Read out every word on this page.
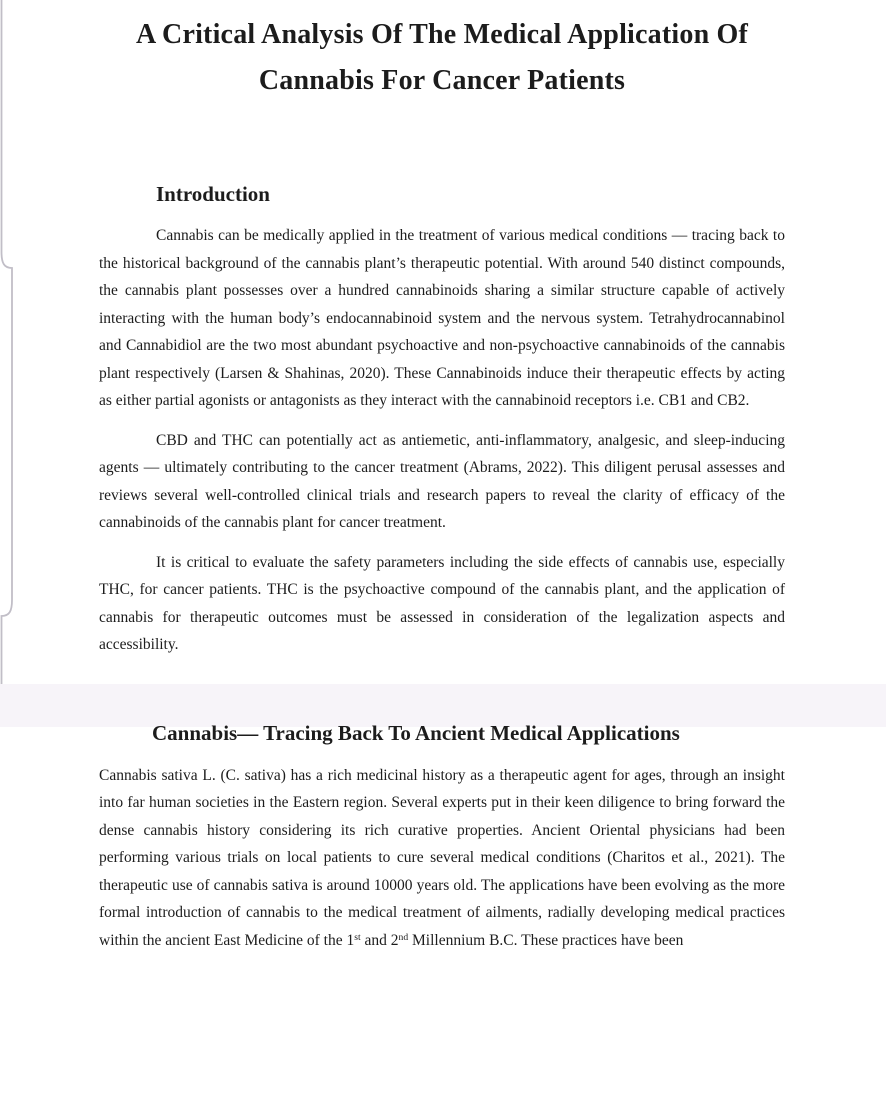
A Critical Analysis Of The Medical Application Of
Cannabis For Cancer Patients
Introduction

Cannabis can be medically applied in the treatment of various medical conditions — tracing back to the historical background of the cannabis plant’s therapeutic potential. With around 540 distinct compounds, the cannabis plant possesses over a hundred cannabinoids sharing a similar structure capable of actively interacting with the human body’s endocannabinoid system and the nervous system. Tetrahydrocannabinol and Cannabidiol are the two most abundant psychoactive and non-psychoactive cannabinoids of the cannabis plant respectively (Larsen & Shahinas, 2020). These Cannabinoids induce their therapeutic effects by acting as either partial agonists or antagonists as they interact with the cannabinoid receptors i.e. CB1 and CB2.

CBD and THC can potentially act as antiemetic, anti-inflammatory, analgesic, and sleep-inducing agents — ultimately contributing to the cancer treatment (Abrams, 2022). This diligent perusal assesses and reviews several well-controlled clinical trials and research papers to reveal the clarity of efficacy of the cannabinoids of the cannabis plant for cancer treatment.

It is critical to evaluate the safety parameters including the side effects of cannabis use, especially THC, for cancer patients. THC is the psychoactive compound of the cannabis plant, and the application of cannabis for therapeutic outcomes must be assessed in consideration of the legalization aspects and accessibility.

Cannabis— Tracing Back To Ancient Medical Applications

Cannabis sativa L. (C. sativa) has a rich medicinal history as a therapeutic agent for ages, through an insight into far human societies in the Eastern region. Several experts put in their keen diligence to bring forward the dense cannabis history considering its rich curative properties. Ancient Oriental physicians had been performing various trials on local patients to cure several medical conditions (Charitos et al., 2021). The therapeutic use of cannabis sativa is around 10000 years old. The applications have been evolving as the more formal introduction of cannabis to the medical treatment of ailments, radially developing medical practices within the ancient East Medicine of the 1st and 2nd Millennium B.C. These practices have been
